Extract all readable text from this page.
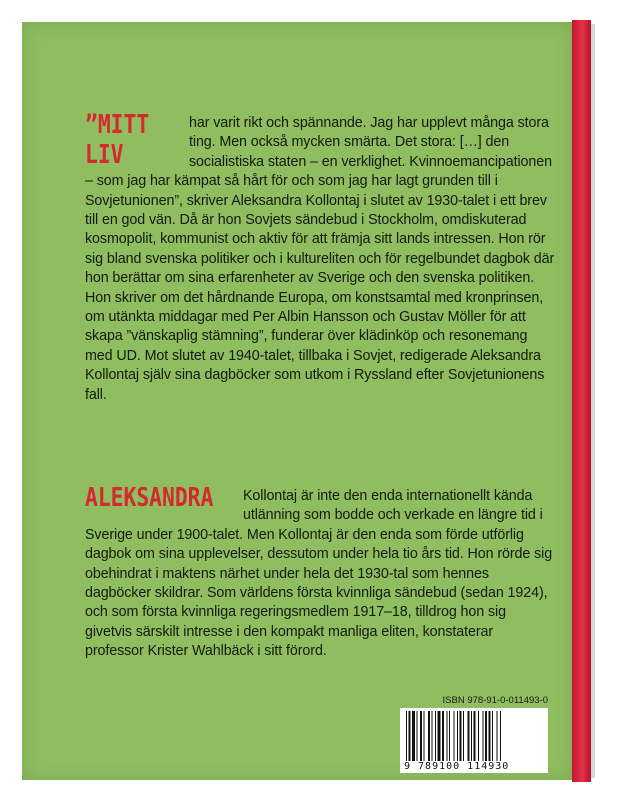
”MITT LIV
har varit rikt och spännande. Jag har upplevt många stora ting. Men också mycken smärta. Det stora: […] den socialistiska staten – en verklighet. Kvinnoemancipationen – som jag har kämpat så hårt för och som jag har lagt grunden till i Sovjetunionen”, skriver Aleksandra Kollontaj i slutet av 1930-talet i ett brev till en god vän. Då är hon Sovjets sändebud i Stockholm, omdiskuterad kosmopolit, kommunist och aktiv för att främja sitt lands intressen. Hon rör sig bland svenska politiker och i kultureliten och för regelbundet dagbok där hon berättar om sina erfarenheter av Sverige och den svenska politiken. Hon skriver om det hårdnande Europa, om konstsamtal med kronprinsen, om utänkta middagar med Per Albin Hansson och Gustav Möller för att skapa ”vänskaplig stämning”, funderar över klädinköp och resonemang med UD. Mot slutet av 1940-talet, tillbaka i Sovjet, redigerade Aleksandra Kollontaj själv sina dagböcker som utkom i Ryssland efter Sovjetunionens fall.

ALEKSANDRA Kollontaj är inte den enda internationellt kända utlänning som bodde och verkade en längre tid i Sverige under 1900-talet. Men Kollontaj är den enda som förde utförlig dagbok om sina upplevelser, dessutom under hela tio års tid. Hon rörde sig obehindrat i maktens närhet under hela det 1930-tal som hennes dagböcker skildrar. Som världens första kvinnliga sändebud (sedan 1924), och som första kvinnliga regeringsmedlem 1917–18, tilldrog hon sig givetvis särskilt intresse i den kompakt manliga eliten, konstaterar professor Krister Wahlbäck i sitt förord.

ISBN 978-91-0-011493-0
9 789100 114930
